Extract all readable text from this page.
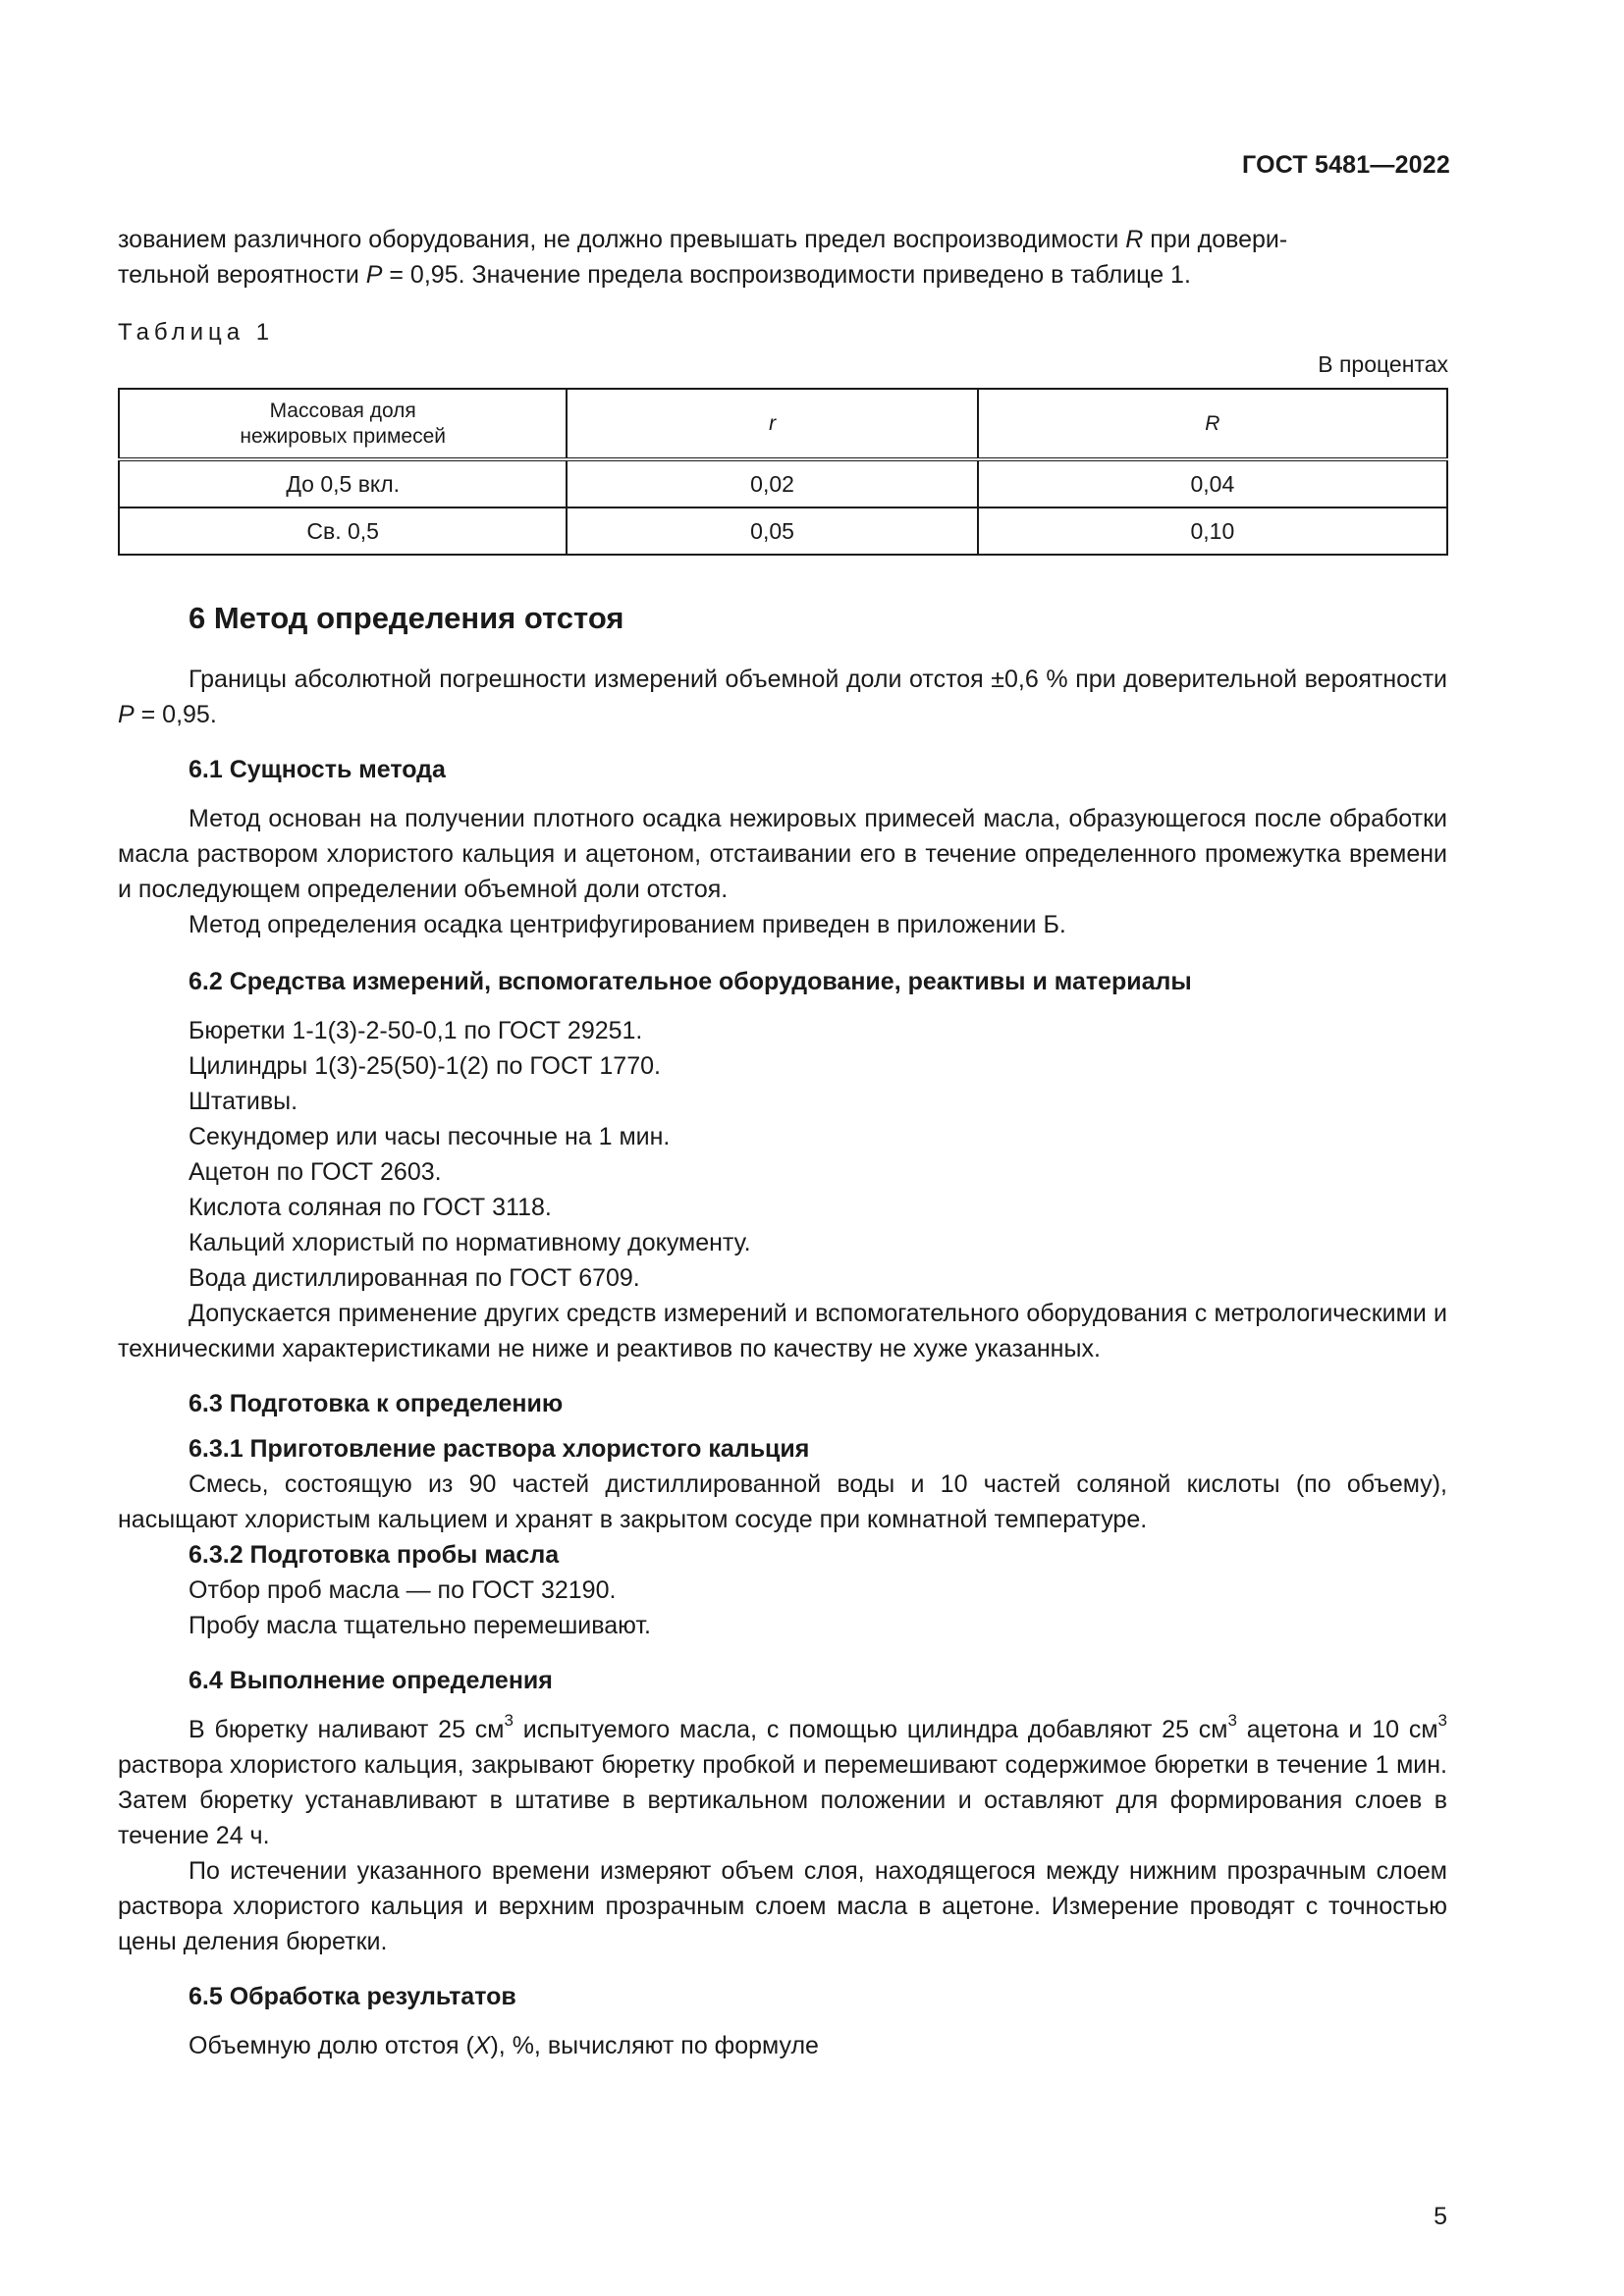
ГОСТ 5481—2022

зованием различного оборудования, не должно превышать предел воспроизводимости R при довери-

тельной вероятности P = 0,95. Значение предела воспроизводимости приведено в таблице 1.

Таблица 1
В процентах
Массовая доля
нежировых примесей	r	R
До 0,5 вкл.	0,02	0,04
Св. 0,5	0,05	0,10
6 Метод определения отстоя

Границы абсолютной погрешности измерений объемной доли отстоя ±0,6 % при доверительной вероятности P = 0,95.

6.1 Сущность метода

Метод основан на получении плотного осадка нежировых примесей масла, образующегося после обработки масла раствором хлористого кальция и ацетоном, отстаивании его в течение определенного промежутка времени и последующем определении объемной доли отстоя.

Метод определения осадка центрифугированием приведен в приложении Б.

6.2 Средства измерений, вспомогательное оборудование, реактивы и материалы

Бюретки 1-1(3)-2-50-0,1 по ГОСТ 29251.

Цилиндры 1(3)-25(50)-1(2) по ГОСТ 1770.

Штативы.

Секундомер или часы песочные на 1 мин.

Ацетон по ГОСТ 2603.

Кислота соляная по ГОСТ 3118.

Кальций хлористый по нормативному документу.

Вода дистиллированная по ГОСТ 6709.

Допускается применение других средств измерений и вспомогательного оборудования с метрологическими и техническими характеристиками не ниже и реактивов по качеству не хуже указанных.

6.3 Подготовка к определению

6.3.1 Приготовление раствора хлористого кальция

Смесь, состоящую из 90 частей дистиллированной воды и 10 частей соляной кислоты (по объему), насыщают хлористым кальцием и хранят в закрытом сосуде при комнатной температуре.

6.3.2 Подготовка пробы масла

Отбор проб масла — по ГОСТ 32190.

Пробу масла тщательно перемешивают.

6.4 Выполнение определения

В бюретку наливают 25 $см^3$ испытуемого масла, с помощью цилиндра добавляют 25 $см^3$ ацетона и 10 $см^3$ раствора хлористого кальция, закрывают бюретку пробкой и перемешивают содержимое бюретки в течение 1 мин. Затем бюретку устанавливают в штативе в вертикальном положении и оставляют для формирования слоев в течение 24 ч.

По истечении указанного времени измеряют объем слоя, находящегося между нижним прозрачным слоем раствора хлористого кальция и верхним прозрачным слоем масла в ацетоне. Измерение проводят с точностью цены деления бюретки.

6.5 Обработка результатов

Объемную долю отстоя (X), %, вычисляют по формуле

5
